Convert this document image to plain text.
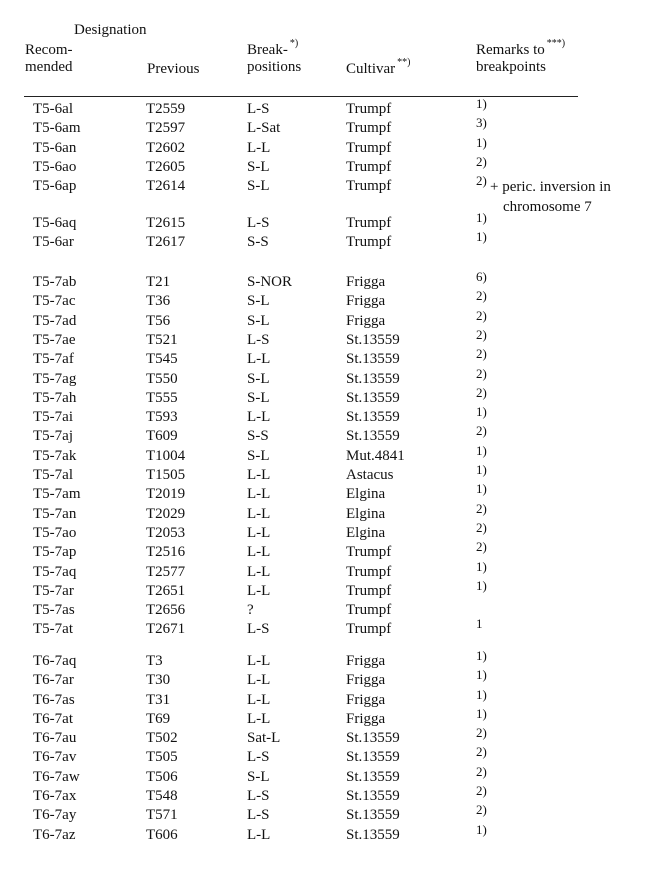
Designation
Recom-
mended	Previous
Break- *)
positions	Cultivar **)
Remarks to ***)
breakpoints
T5-6al	T2559	L-S	Trumpf	1)
T5-6am	T2597	L-Sat	Trumpf	3)
T5-6an	T2602	L-L	Trumpf	1)
T5-6ao	T2605	S-L	Trumpf	2)
T5-6ap	T2614	S-L	Trumpf	2) + peric. inversion in
chromosome 7
T5-6aq	T2615	L-S	Trumpf	1)
T5-6ar	T2617	S-S	Trumpf	1)
T5-7ab	T21	S-NOR	Frigga	6)
T5-7ac	T36	S-L	Frigga	2)
T5-7ad	T56	S-L	Frigga	2)
T5-7ae	T521	L-S	St.13559	2)
T5-7af	T545	L-L	St.13559	2)
T5-7ag	T550	S-L	St.13559	2)
T5-7ah	T555	S-L	St.13559	2)
T5-7ai	T593	L-L	St.13559	1)
T5-7aj	T609	S-S	St.13559	2)
T5-7ak	T1004	S-L	Mut.4841	1)
T5-7al	T1505	L-L	Astacus	1)
T5-7am	T2019	L-L	Elgina	1)
T5-7an	T2029	L-L	Elgina	2)
T5-7ao	T2053	L-L	Elgina	2)
T5-7ap	T2516	L-L	Trumpf	2)
T5-7aq	T2577	L-L	Trumpf	1)
T5-7ar	T2651	L-L	Trumpf	1)
T5-7as	T2656	?	Trumpf
T5-7at	T2671	L-S	Trumpf	1
T6-7aq	T3	L-L	Frigga	1)
T6-7ar	T30	L-L	Frigga	1)
T6-7as	T31	L-L	Frigga	1)
T6-7at	T69	L-L	Frigga	1)
T6-7au	T502	Sat-L	St.13559	2)
T6-7av	T505	L-S	St.13559	2)
T6-7aw	T506	S-L	St.13559	2)
T6-7ax	T548	L-S	St.13559	2)
T6-7ay	T571	L-S	St.13559	2)
T6-7az	T606	L-L	St.13559	1)
